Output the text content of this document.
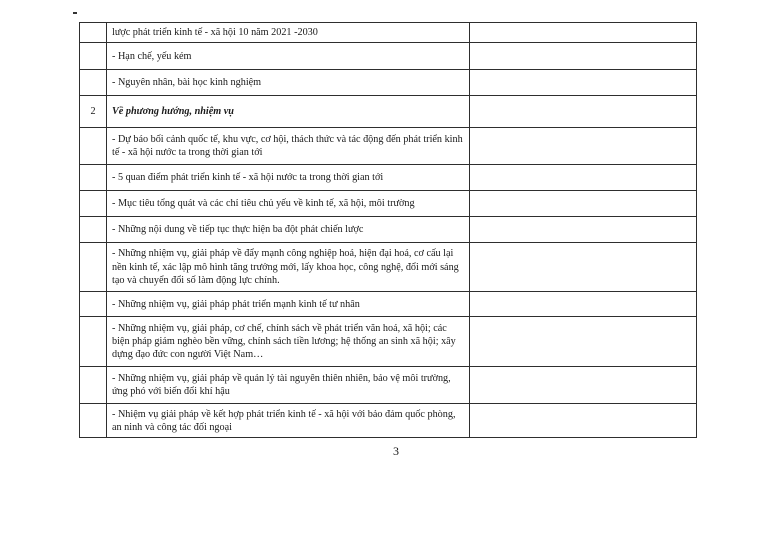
	lược phát triển kinh tế - xã hội 10 năm 2021 -2030	
	- Hạn chế, yếu kém	
	- Nguyên nhân, bài học kinh nghiệm	
2	Về phương hướng, nhiệm vụ	
	- Dự báo bối cảnh quốc tế, khu vực, cơ hội, thách thức và tác động đến phát triển kinh tế - xã hội nước ta trong thời gian tới	
	- 5 quan điểm phát triển kinh tế - xã hội nước ta trong thời gian tới	
	- Mục tiêu tổng quát và các chỉ tiêu chủ yếu về kinh tế, xã hội, môi trường	
	- Những nội dung về tiếp tục thực hiện ba đột phát chiến lược	
	- Những nhiệm vụ, giải pháp về đẩy mạnh công nghiệp hoá, hiện đại hoá, cơ cấu lại nền kinh tế, xác lập mô hình tăng trưởng mới, lấy khoa học, công nghệ, đổi mới sáng tạo và chuyển đổi số làm động lực chính.	
	- Những nhiệm vụ, giải pháp phát triển mạnh kinh tế tư nhân	
	- Những nhiệm vụ, giải pháp, cơ chế, chính sách về phát triển văn hoá, xã hội; các biện pháp giảm nghèo bền vững, chính sách tiền lương; hệ thống an sinh xã hội; xây dựng đạo đức con người Việt Nam…	
	- Những nhiệm vụ, giải pháp về quản lý tài nguyên thiên nhiên, bảo vệ môi trường, ứng phó với biến đổi khí hậu	
	- Nhiệm vụ giải pháp về kết hợp phát triển kinh tế - xã hội với bảo đảm quốc phòng, an ninh và công tác đối ngoại	
3
